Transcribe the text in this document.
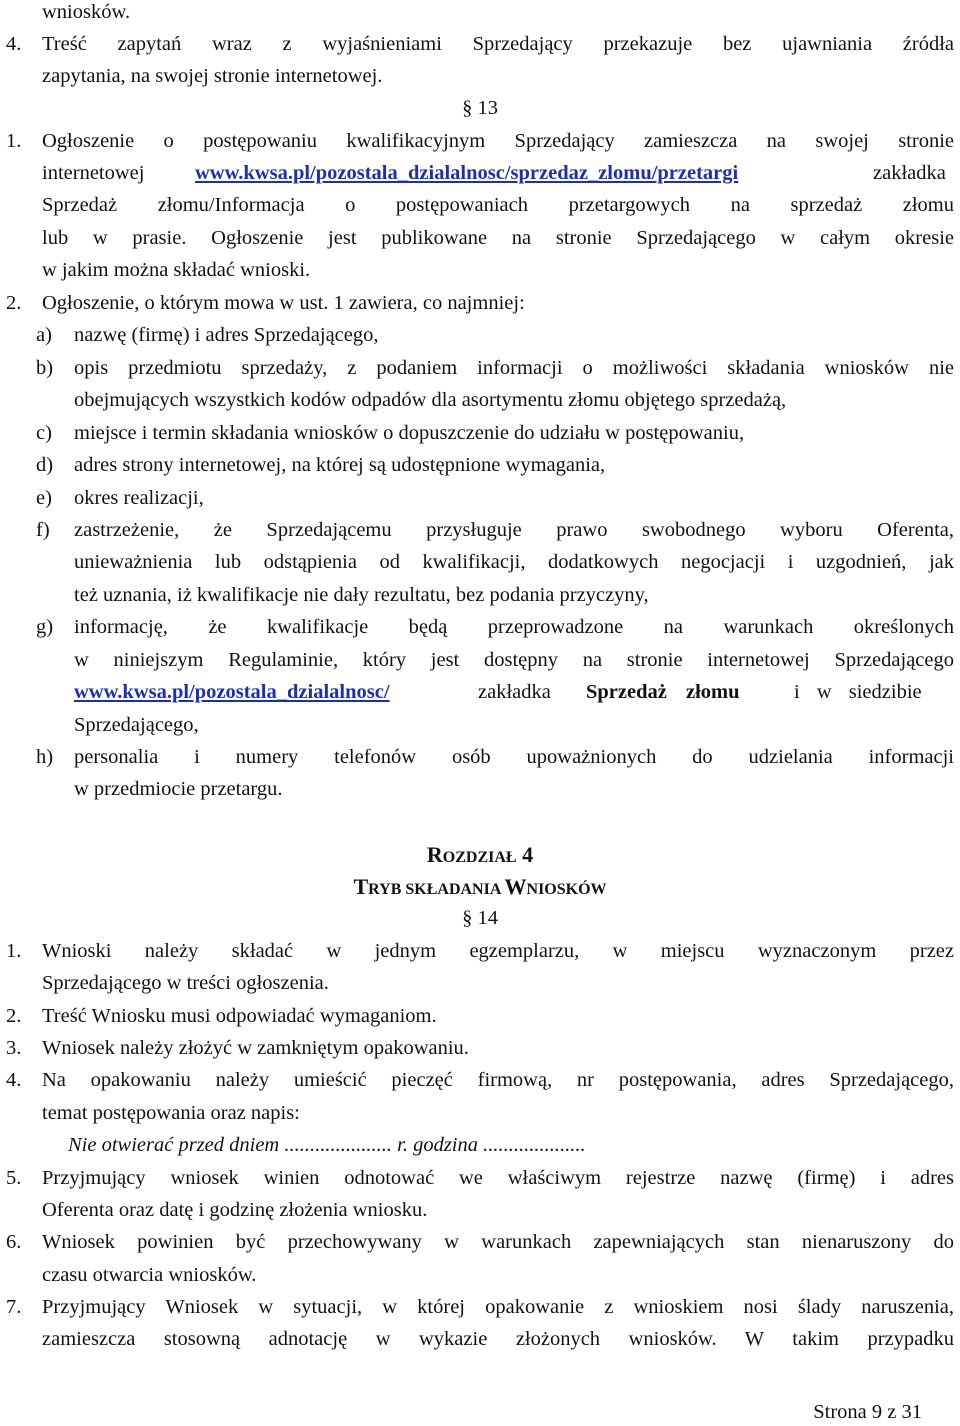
wniosków.
4. Treść zapytań wraz z wyjaśnieniami Sprzedający przekazuje bez ujawniania źródła
zapytania, na swojej stronie internetowej.
§ 13
1. Ogłoszenie o postępowaniu kwalifikacyjnym Sprzedający zamieszcza na swojej stronie
internetowej www.kwsa.pl/pozostala_dzialalnosc/sprzedaz_zlomu/przetargi	zakładka
Sprzedaż złomu/Informacja o postępowaniach przetargowych na sprzedaż złomu
lub w prasie. Ogłoszenie jest publikowane na stronie Sprzedającego w całym okresie
w jakim można składać wnioski.
2. Ogłoszenie, o którym mowa w ust. 1 zawiera, co najmniej:
a) nazwę (firmę) i adres Sprzedającego,
b) opis przedmiotu sprzedaży, z podaniem informacji o możliwości składania wniosków nie
obejmujących wszystkich kodów odpadów dla asortymentu złomu objętego sprzedażą,
c) miejsce i termin składania wniosków o dopuszczenie do udziału w postępowaniu,
d) adres strony internetowej, na której są udostępnione wymagania,
e) okres realizacji,
f) zastrzeżenie, że Sprzedającemu przysługuje prawo swobodnego wyboru Oferenta,
unieważnienia lub odstąpienia od kwalifikacji, dodatkowych negocjacji i uzgodnień, jak
też uznania, iż kwalifikacje nie dały rezultatu, bez podania przyczyny,
g) informację, że kwalifikacje będą przeprowadzone na warunkach określonych
w niniejszym Regulaminie, który jest dostępny na stronie internetowej Sprzedającego
www.kwsa.pl/pozostala_dzialalnosc/	zakładka Sprzedaż złomu	i w siedzibie
Sprzedającego,
h) personalia i numery telefonów osób upoważnionych do udzielania informacji
w przedmiocie przetargu.
ROZDZIAŁ 4
TRYB SKŁADANIA WNIOSKÓW
§ 14
1. Wnioski należy składać w jednym egzemplarzu, w miejscu wyznaczonym przez
Sprzedającego w treści ogłoszenia.
2. Treść Wniosku musi odpowiadać wymaganiom.
3. Wniosek należy złożyć w zamkniętym opakowaniu.
4. Na opakowaniu należy umieścić pieczęć firmową, nr postępowania, adres Sprzedającego,
temat postępowania oraz napis:
Nie otwierać przed dniem ..................... r. godzina ....................
5. Przyjmujący wniosek winien odnotować we właściwym rejestrze nazwę (firmę) i adres
Oferenta oraz datę i godzinę złożenia wniosku.
6. Wniosek powinien być przechowywany w warunkach zapewniających stan nienaruszony do
czasu otwarcia wniosków.
7. Przyjmujący Wniosek w sytuacji, w której opakowanie z wnioskiem nosi ślady naruszenia,
zamieszcza stosowną adnotację w wykazie złożonych wniosków. W takim przypadku
Strona 9 z 31
